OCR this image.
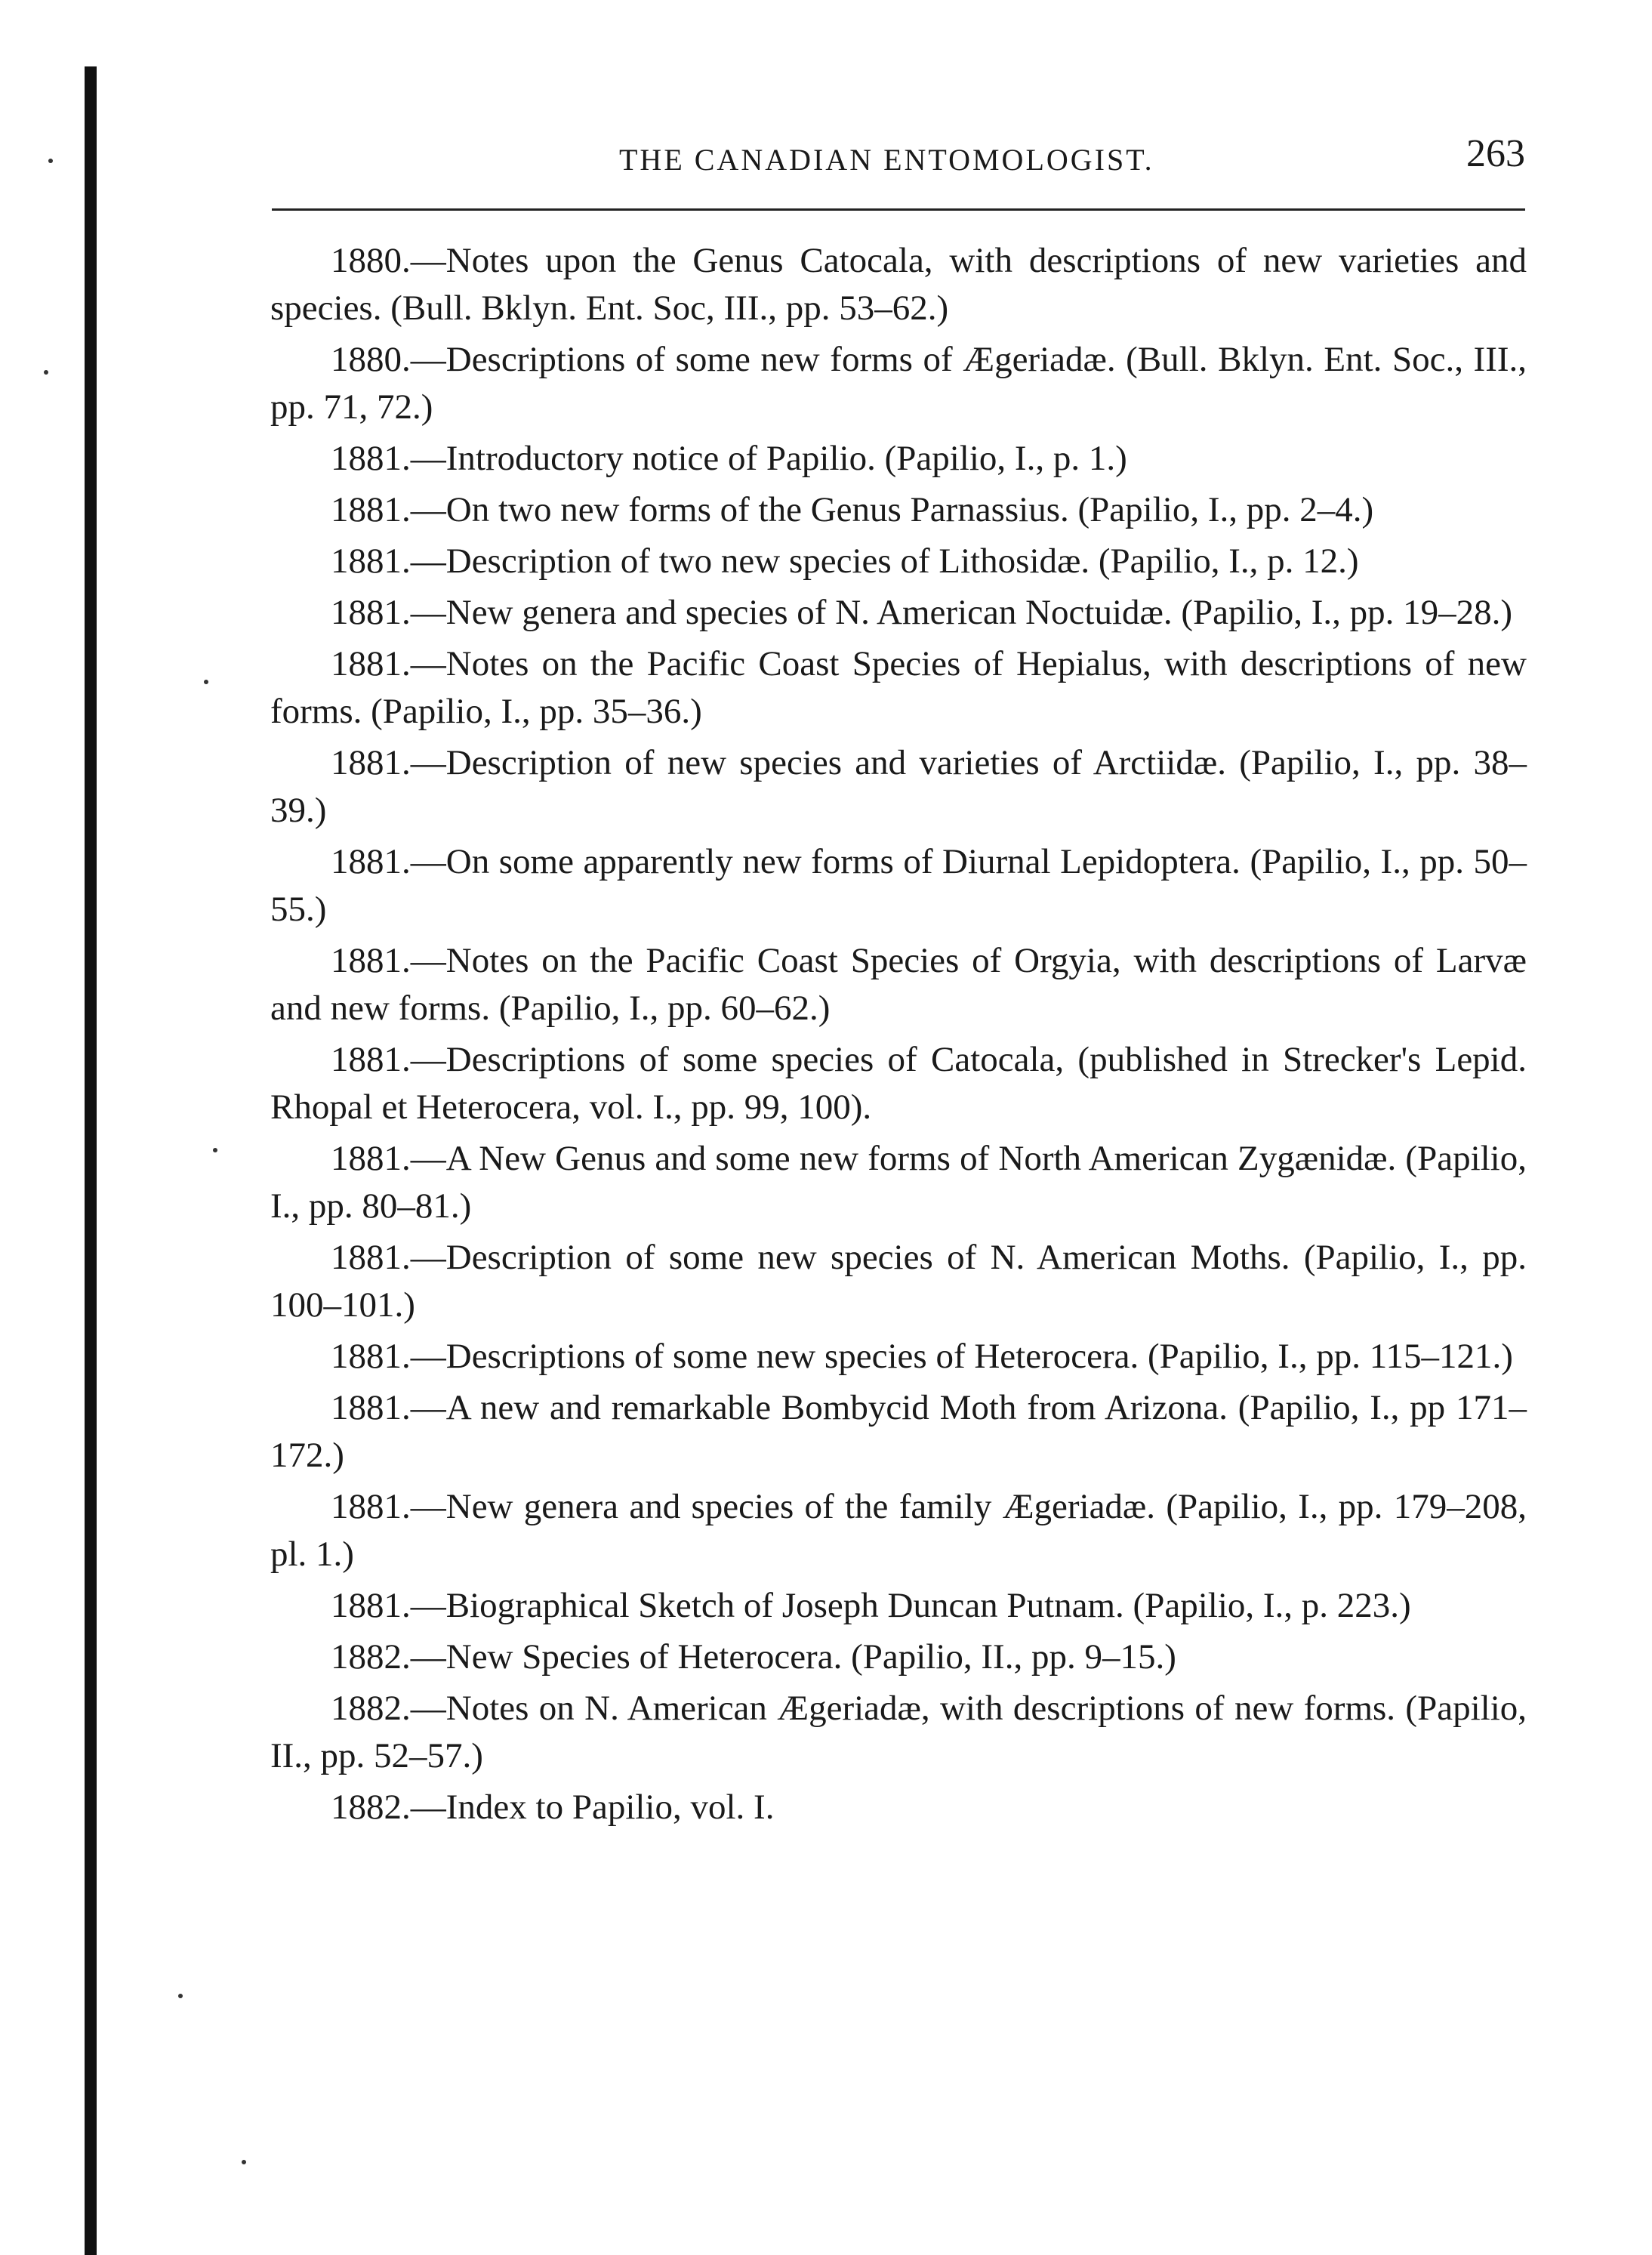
THE CANADIAN ENTOMOLOGIST.	263

1880.—Notes upon the Genus Catocala, with descriptions of new varieties and species. (Bull. Bklyn. Ent. Soc, III., pp. 53–62.)

1880.—Descriptions of some new forms of Ægeriadæ. (Bull. Bklyn. Ent. Soc., III., pp. 71, 72.)

1881.—Introductory notice of Papilio. (Papilio, I., p. 1.)

1881.—On two new forms of the Genus Parnassius. (Papilio, I., pp. 2–4.)

1881.—Description of two new species of Lithosidæ. (Papilio, I., p. 12.)

1881.—New genera and species of N. American Noctuidæ. (Papilio, I., pp. 19–28.)

1881.—Notes on the Pacific Coast Species of Hepialus, with descriptions of new forms. (Papilio, I., pp. 35–36.)

1881.—Description of new species and varieties of Arctiidæ. (Papilio, I., pp. 38–39.)

1881.—On some apparently new forms of Diurnal Lepidoptera. (Papilio, I., pp. 50–55.)

1881.—Notes on the Pacific Coast Species of Orgyia, with descriptions of Larvæ and new forms. (Papilio, I., pp. 60–62.)

1881.—Descriptions of some species of Catocala, (published in Strecker's Lepid. Rhopal et Heterocera, vol. I., pp. 99, 100).

1881.—A New Genus and some new forms of North American Zygænidæ. (Papilio, I., pp. 80–81.)

1881.—Description of some new species of N. American Moths. (Papilio, I., pp. 100–101.)

1881.—Descriptions of some new species of Heterocera. (Papilio, I., pp. 115–121.)

1881.—A new and remarkable Bombycid Moth from Arizona. (Papilio, I., pp 171–172.)

1881.—New genera and species of the family Ægeriadæ. (Papilio, I., pp. 179–208, pl. 1.)

1881.—Biographical Sketch of Joseph Duncan Putnam. (Papilio, I., p. 223.)

1882.—New Species of Heterocera. (Papilio, II., pp. 9–15.)

1882.—Notes on N. American Ægeriadæ, with descriptions of new forms. (Papilio, II., pp. 52–57.)

1882.—Index to Papilio, vol. I.
